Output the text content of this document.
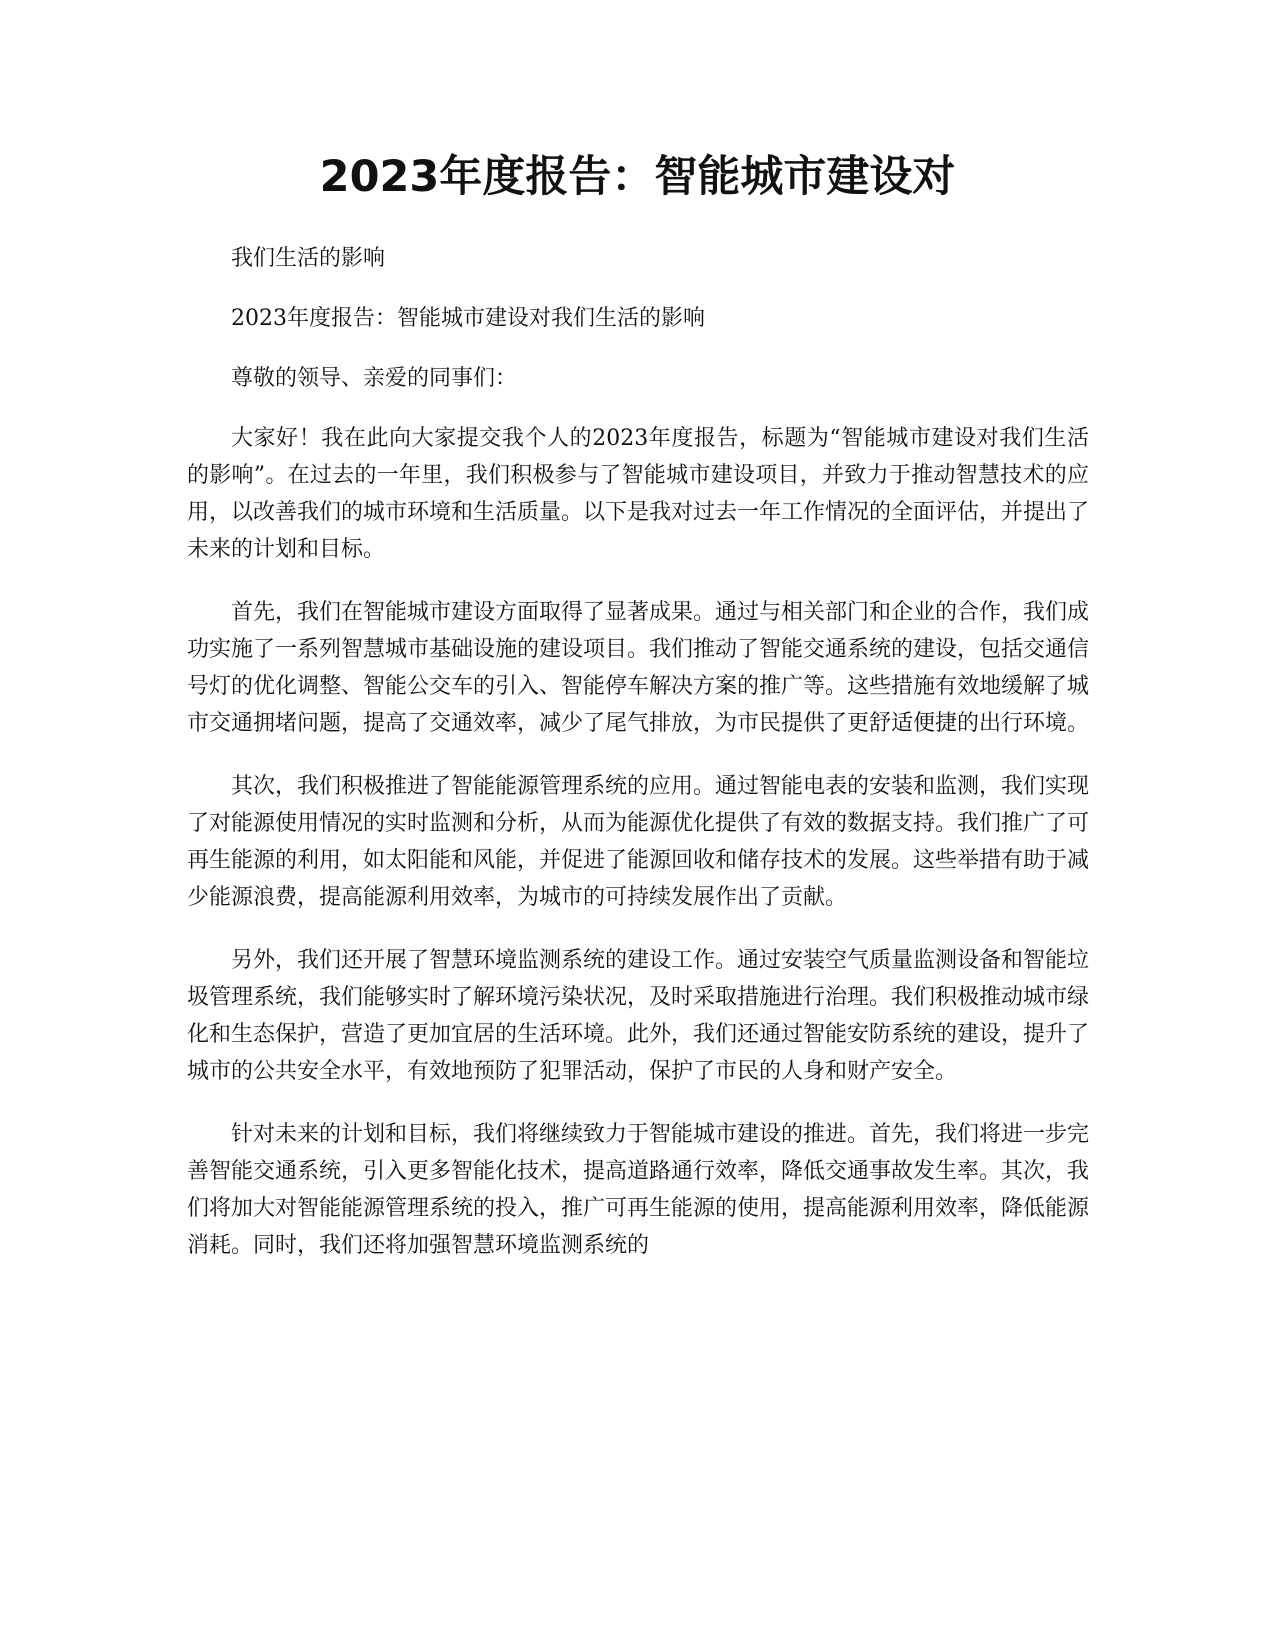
2023年度报告：智能城市建设对

我们生活的影响

2023年度报告：智能城市建设对我们生活的影响

尊敬的领导、亲爱的同事们：

大家好！我在此向大家提交我个人的2023年度报告，标题为“智能城市建设对我们生活的影响”。在过去的一年里，我们积极参与了智能城市建设项目，并致力于推动智慧技术的应用，以改善我们的城市环境和生活质量。以下是我对过去一年工作情况的全面评估，并提出了未来的计划和目标。

首先，我们在智能城市建设方面取得了显著成果。通过与相关部门和企业的合作，我们成功实施了一系列智慧城市基础设施的建设项目。我们推动了智能交通系统的建设，包括交通信号灯的优化调整、智能公交车的引入、智能停车解决方案的推广等。这些措施有效地缓解了城市交通拥堵问题，提高了交通效率，减少了尾气排放，为市民提供了更舒适便捷的出行环境。

其次，我们积极推进了智能能源管理系统的应用。通过智能电表的安装和监测，我们实现了对能源使用情况的实时监测和分析，从而为能源优化提供了有效的数据支持。我们推广了可再生能源的利用，如太阳能和风能，并促进了能源回收和储存技术的发展。这些举措有助于减少能源浪费，提高能源利用效率，为城市的可持续发展作出了贡献。

另外，我们还开展了智慧环境监测系统的建设工作。通过安装空气质量监测设备和智能垃圾管理系统，我们能够实时了解环境污染状况，及时采取措施进行治理。我们积极推动城市绿化和生态保护，营造了更加宜居的生活环境。此外，我们还通过智能安防系统的建设，提升了城市的公共安全水平，有效地预防了犯罪活动，保护了市民的人身和财产安全。

针对未来的计划和目标，我们将继续致力于智能城市建设的推进。首先，我们将进一步完善智能交通系统，引入更多智能化技术，提高道路通行效率，降低交通事故发生率。其次，我们将加大对智能能源管理系统的投入，推广可再生能源的使用，提高能源利用效率，降低能源消耗。同时，我们还将加强智慧环境监测系统的
